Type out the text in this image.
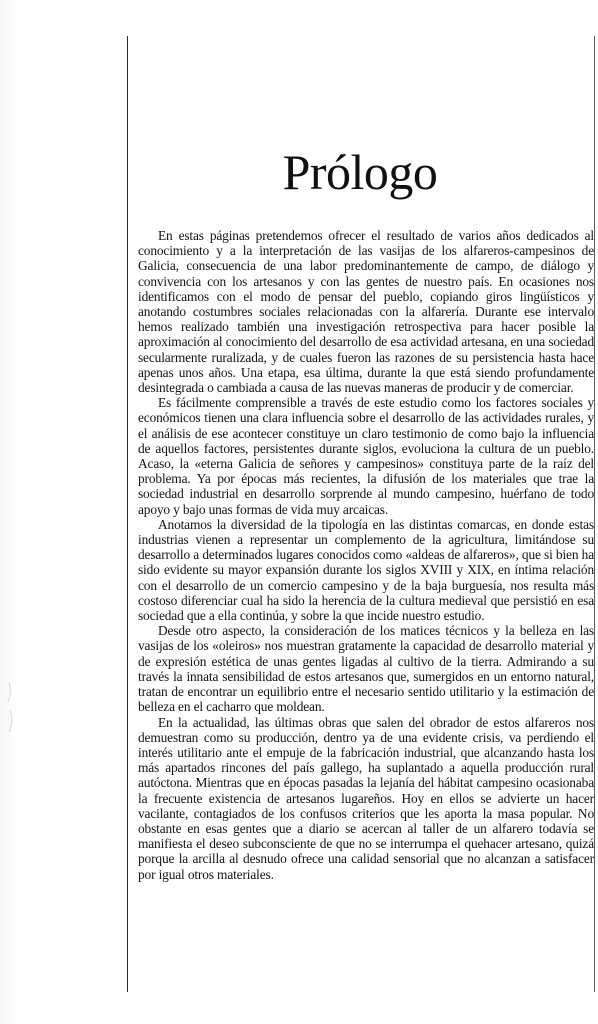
Prólogo

En estas páginas pretendemos ofrecer el resultado de varios años dedicados al conocimiento y a la interpretación de las vasijas de los alfareros-campesinos de Galicia, consecuencia de una labor predominantemente de campo, de diálogo y convivencia con los artesanos y con las gentes de nuestro país. En ocasiones nos identificamos con el modo de pensar del pueblo, copiando giros lingüísticos y anotando costumbres sociales relacionadas con la alfarería. Durante ese intervalo hemos realizado también una investigación retrospectiva para hacer posible la aproximación al conocimiento del desarrollo de esa actividad artesana, en una sociedad secularmente ruralizada, y de cuales fueron las razones de su persistencia hasta hace apenas unos años. Una etapa, esa última, durante la que está siendo profundamente desintegrada o cambiada a causa de las nuevas maneras de producir y de comerciar.

Es fácilmente comprensible a través de este estudio como los factores sociales y económicos tienen una clara influencia sobre el desarrollo de las actividades rurales, y el análisis de ese acontecer constituye un claro testimonio de como bajo la influencia de aquellos factores, persistentes durante siglos, evoluciona la cultura de un pueblo. Acaso, la «eterna Galicia de señores y campesinos» constituya parte de la raíz del problema. Ya por épocas más recientes, la difusión de los materiales que trae la sociedad industrial en desarrollo sorprende al mundo campesino, huérfano de todo apoyo y bajo unas formas de vida muy arcaicas.

Anotamos la diversidad de la tipología en las distintas comarcas, en donde estas industrias vienen a representar un complemento de la agricultura, limitándose su desarrollo a determinados lugares conocidos como «aldeas de alfareros», que si bien ha sido evidente su mayor expansión durante los siglos XVIII y XIX, en íntima relación con el desarrollo de un comercio campesino y de la baja burguesía, nos resulta más costoso diferenciar cual ha sido la herencia de la cultura medieval que persistió en esa sociedad que a ella continúa, y sobre la que incide nuestro estudio.

Desde otro aspecto, la consideración de los matices técnicos y la belleza en las vasijas de los «oleiros» nos muestran gratamente la capacidad de desarrollo material y de expresión estética de unas gentes ligadas al cultivo de la tierra. Admirando a su través la innata sensibilidad de estos artesanos que, sumergidos en un entorno natural, tratan de encontrar un equilibrio entre el necesario sentido utilitario y la estimación de belleza en el cacharro que moldean.

En la actualidad, las últimas obras que salen del obrador de estos alfareros nos demuestran como su producción, dentro ya de una evidente crisis, va perdiendo el interés utilitario ante el empuje de la fabricación industrial, que alcanzando hasta los más apartados rincones del país gallego, ha suplantado a aquella producción rural autóctona. Mientras que en épocas pasadas la lejanía del hábitat campesino ocasionaba la frecuente existencia de artesanos lugareños. Hoy en ellos se advierte un hacer vacilante, contagiados de los confusos criterios que les aporta la masa popular. No obstante en esas gentes que a diario se acercan al taller de un alfarero todavía se manifiesta el deseo subconsciente de que no se interrumpa el quehacer artesano, quizá porque la arcilla al desnudo ofrece una calidad sensorial que no alcanzan a satisfacer por igual otros materiales.
